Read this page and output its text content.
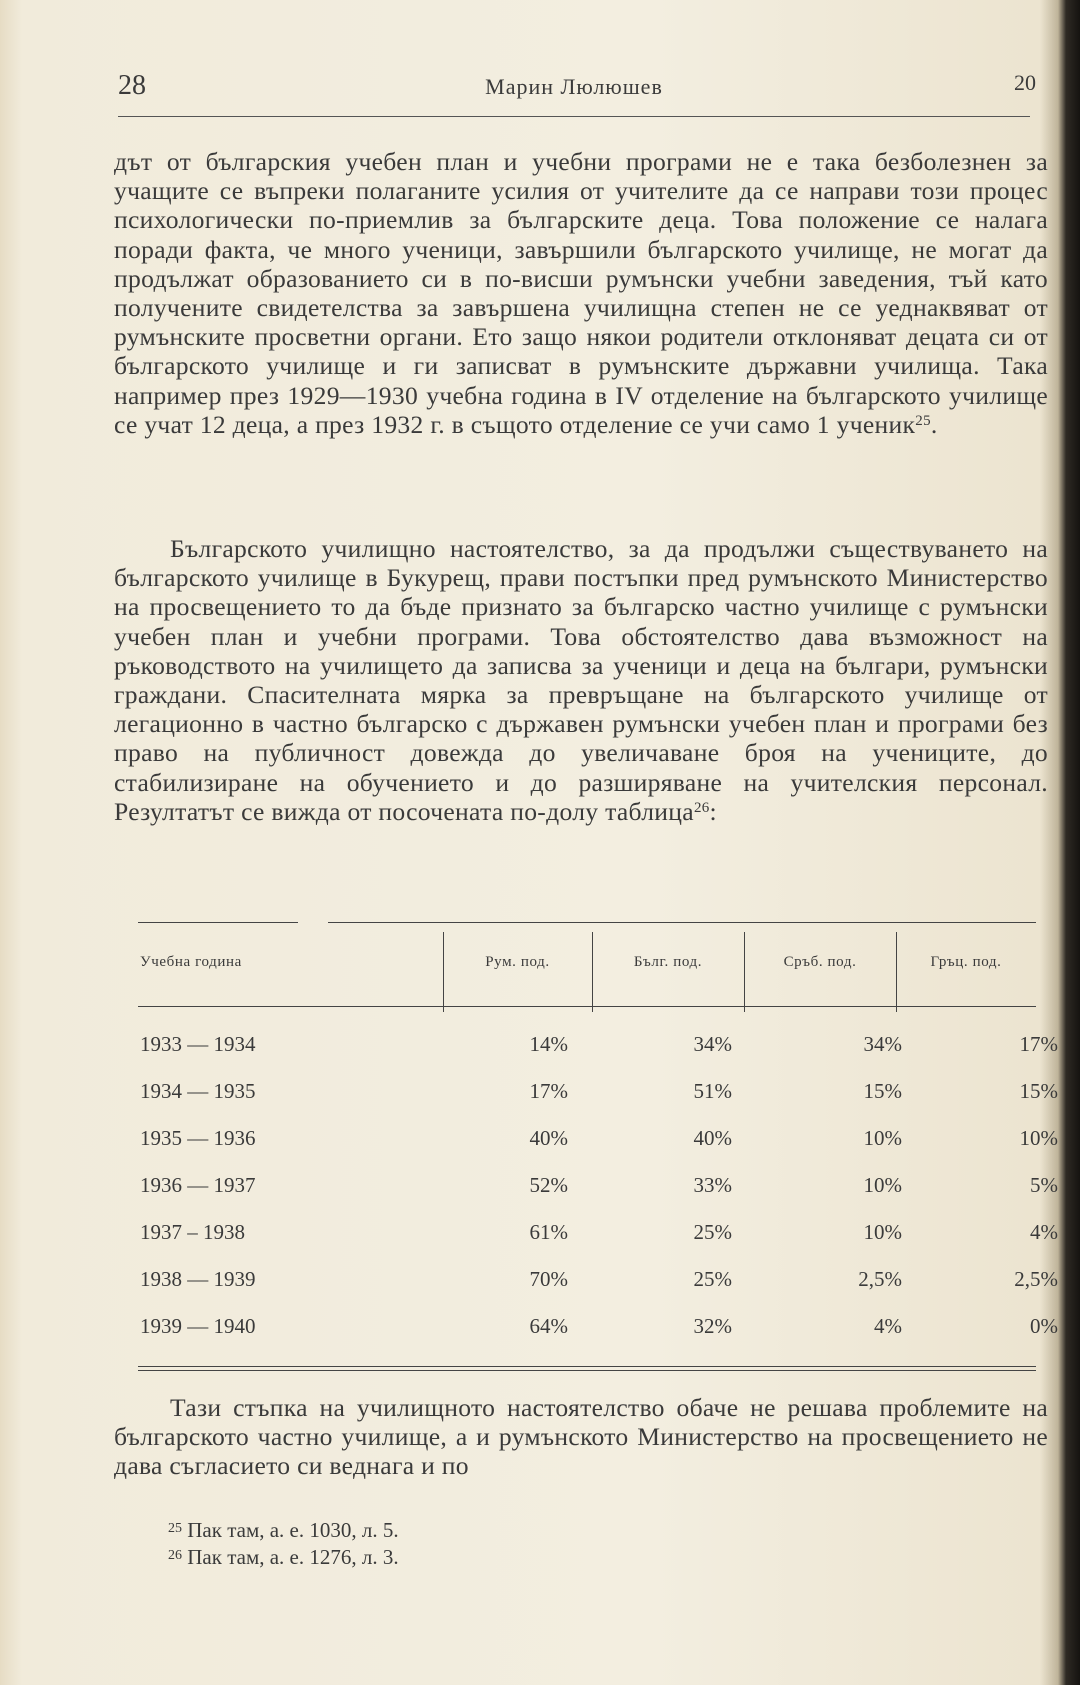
28	Марин Люлюшев	20

дът от българския учебен план и учебни програми не е така безболезнен за учащите се въпреки полаганите усилия от учителите да се направи този процес психологически по-приемлив за българските деца. Това положение се налага поради факта, че много ученици, завършили българското училище, не могат да продължат образованието си в по-висши румънски учебни заведения, тъй като получените свидетелства за завършена училищна степен не се уеднаквяват от румънските просветни органи. Ето защо някои родители отклоняват децата си от българското училище и ги записват в румънските държавни училища. Така например през 1929—1930 учебна година в IV отделение на българското училище се учат 12 деца, а през 1932 г. в същото отделение се учи само 1 ученик$^{25}$.

Българското училищно настоятелство, за да продължи съществуването на българското училище в Букурещ, прави постъпки пред румънското Министерство на просвещението то да бъде признато за българско частно училище с румънски учебен план и учебни програми. Това обстоятелство дава възможност на ръководството на училището да записва за ученици и деца на българи, румънски граждани. Спасителната мярка за превръщане на българското училище от легационно в частно българско с държавен румънски учебен план и програми без право на публичност довежда до увеличаване броя на учениците, до стабилизиране на обучението и до разширяване на учителския персонал. Резултатът се вижда от посочената по-долу таблица$^{26}$:

Учебна година	Рум. под.	Бълг. под.	Сръб. под.	Гръц. под.
1933 — 1934	14%	34%	34%	17%
1934 — 1935	17%	51%	15%	15%
1935 — 1936	40%	40%	10%	10%
1936 — 1937	52%	33%	10%	5%
1937 – 1938	61%	25%	10%	4%
1938 — 1939	70%	25%	2,5%	2,5%
1939 — 1940	64%	32%	4%	0%

Тази стъпка на училищното настоятелство обаче не решава проблемите на българското частно училище, а и румънското Министерство на просвещението не дава съгласието си веднага и по

$^{25}$ Пак там, а. е. 1030, л. 5.
$^{26}$ Пак там, а. е. 1276, л. 3.
